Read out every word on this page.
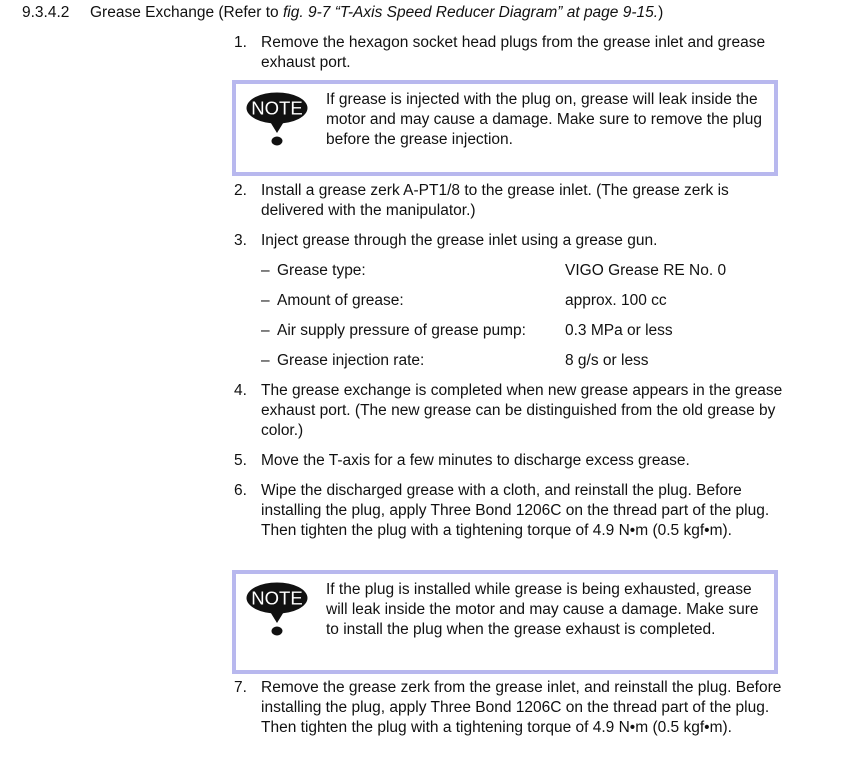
9.3.4.2 Grease Exchange (Refer to fig. 9-7 “T-Axis Speed Reducer Diagram” at page 9-15.)
1. Remove the hexagon socket head plugs from the grease inlet and grease exhaust port.
NOTE If grease is injected with the plug on, grease will leak inside the motor and may cause a damage. Make sure to remove the plug before the grease injection.
2. Install a grease zerk A-PT1/8 to the grease inlet. (The grease zerk is delivered with the manipulator.)
3. Inject grease through the grease inlet using a grease gun.
– Grease type:	VIGO Grease RE No. 0
– Amount of grease:	approx. 100 cc
– Air supply pressure of grease pump:	0.3 MPa or less
– Grease injection rate:	8 g/s or less
4. The grease exchange is completed when new grease appears in the grease exhaust port. (The new grease can be distinguished from the old grease by color.)
5. Move the T-axis for a few minutes to discharge excess grease.
6. Wipe the discharged grease with a cloth, and reinstall the plug. Before installing the plug, apply Three Bond 1206C on the thread part of the plug. Then tighten the plug with a tightening torque of 4.9 N•m (0.5 kgf•m).
NOTE If the plug is installed while grease is being exhausted, grease will leak inside the motor and may cause a damage. Make sure to install the plug when the grease exhaust is completed.
7. Remove the grease zerk from the grease inlet, and reinstall the plug. Before installing the plug, apply Three Bond 1206C on the thread part of the plug. Then tighten the plug with a tightening torque of 4.9 N•m (0.5 kgf•m).
